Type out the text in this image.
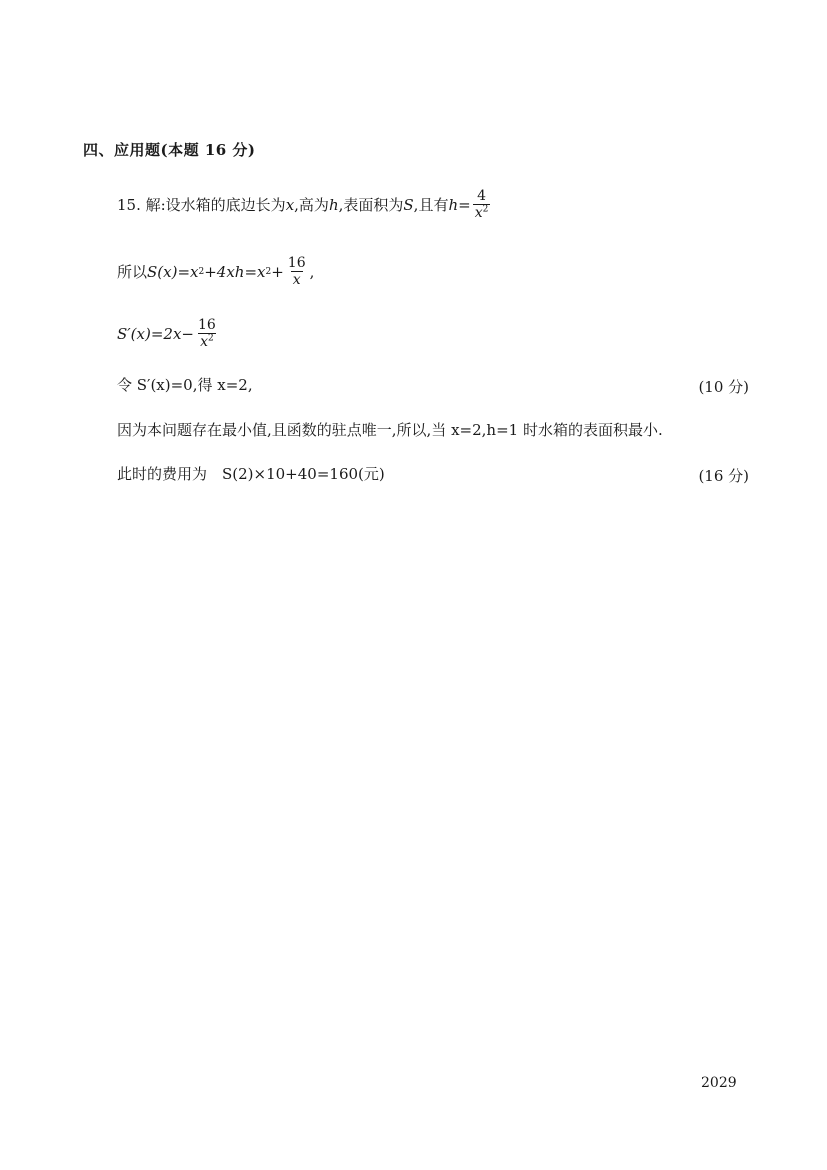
四、应用题(本题 16 分)
15. 解:设水箱的底边长为 x ,高为 h ,表面积为 S ,且有 $h = \frac{4}{x^2}$
所以 S(x)=x 2 +4xh=x $2 + \frac{16}{x}$ ,
$S'(x)=2x- \frac{16}{x^2}$
令 S′(x)=0,得 x=2,	(10 分)
因为本问题存在最小值,且函数的驻点唯一,所以,当 x=2,h=1 时水箱的表面积最小.
此时的费用为　S(2)×10+40=160(元)	(16 分)
2029
